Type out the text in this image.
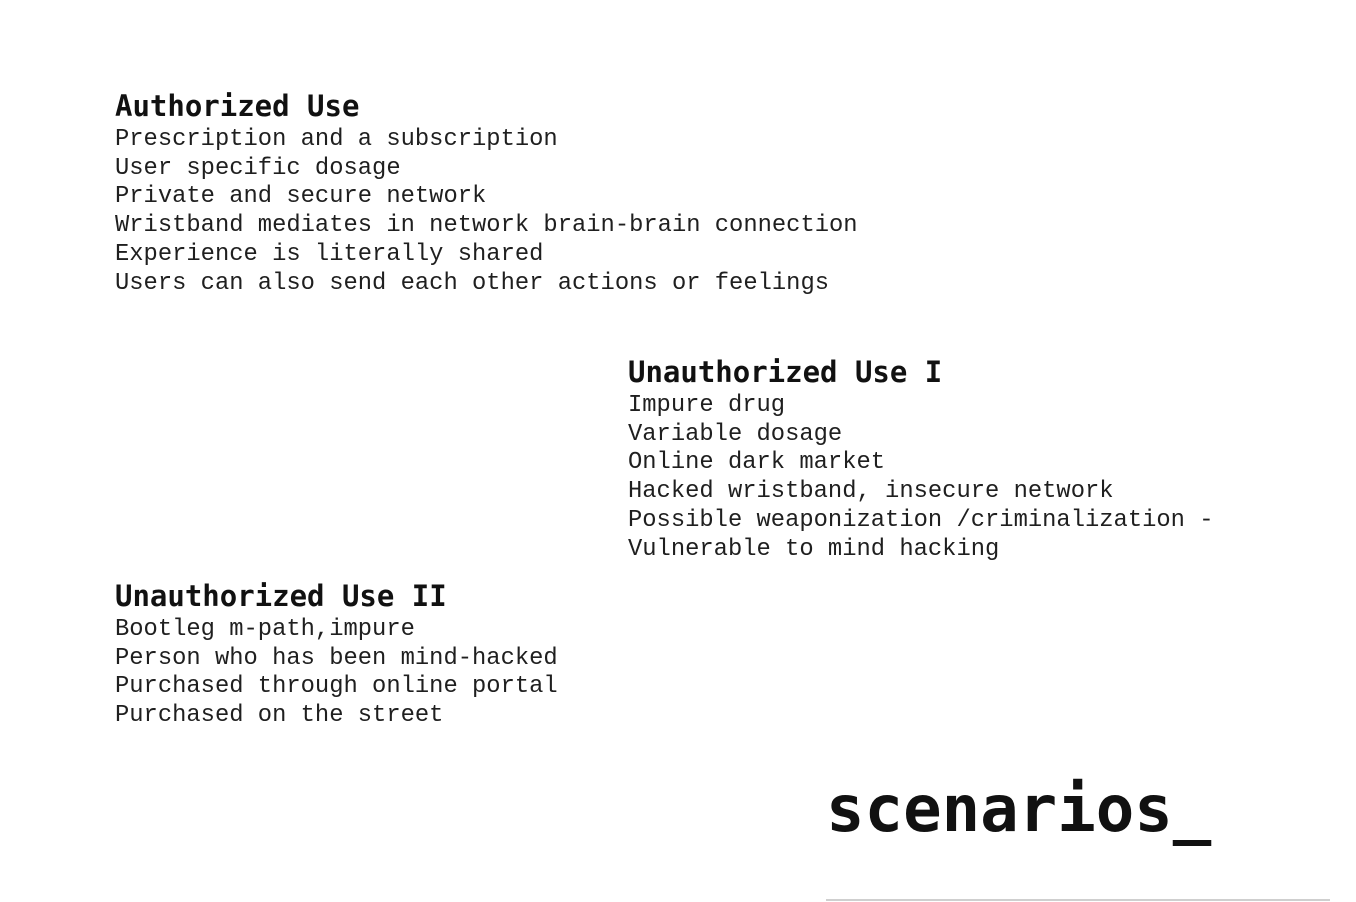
Authorized Use
Prescription and a subscription
User specific dosage
Private and secure network
Wristband mediates in network brain-brain connection
Experience is literally shared
Users can also send each other actions or feelings
Unauthorized Use I
Impure drug
Variable dosage
Online dark market
Hacked wristband, insecure network
Possible weaponization /criminalization -
Vulnerable to mind hacking
Unauthorized Use II
Bootleg m-path,impure
Person who has been mind-hacked
Purchased through online portal
Purchased on the street
scenarios_
